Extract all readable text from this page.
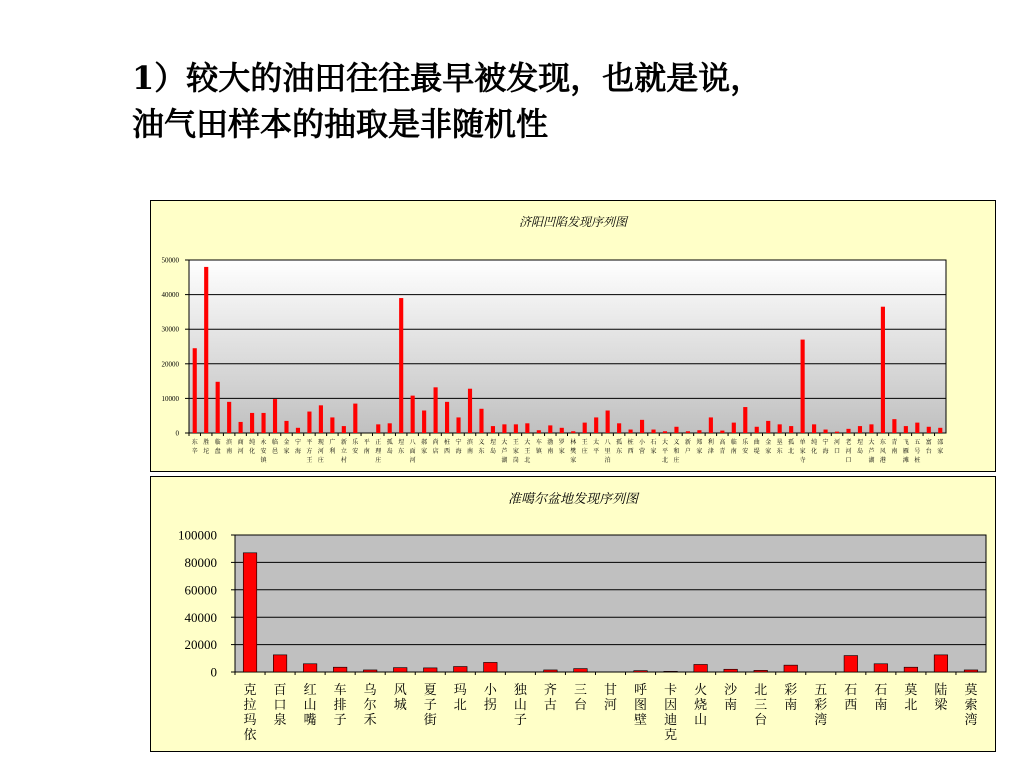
1）较大的油田往往最早被发现，也就是说，
油气田样本的抽取是非随机性
0
10000
20000
30000
40000
50000
东辛
胜坨
临盘
滨南
商河
纯化
永安镇
临邑
金家
宁海
平方王
现河庄
广利
新立村
乐安
平南
正理庄
孤岛
埕东
八面河
郝家
尚店
桩西
宁海
滨南
义东
埕岛
大芦湖
王家岗
大王北
车镇
渤南
罗家
林樊家
王庄
太平
八里泊
孤东
桩西
小营
石家
大平北
义和庄
新户
郑家
利津
高青
临南
乐安
曲堤
金家
垦东
孤北
单家寺
纯化
宁海
河口
老河口
埕岛
大芦湖
东风港
青南
飞雁滩
五号桩
富台
邵家

济阳凹陷发现序列图

0
20000
40000
60000
80000
100000
克拉玛依
百口泉
红山嘴
车排子
乌尔禾
风城
夏子街
玛北
小拐
独山子
齐古
三台
甘河
呼图壁
卡因迪克
火烧山
沙南
北三台
彩南
五彩湾
石西
石南
莫北
陆梁
莫索湾

准噶尔盆地发现序列图
